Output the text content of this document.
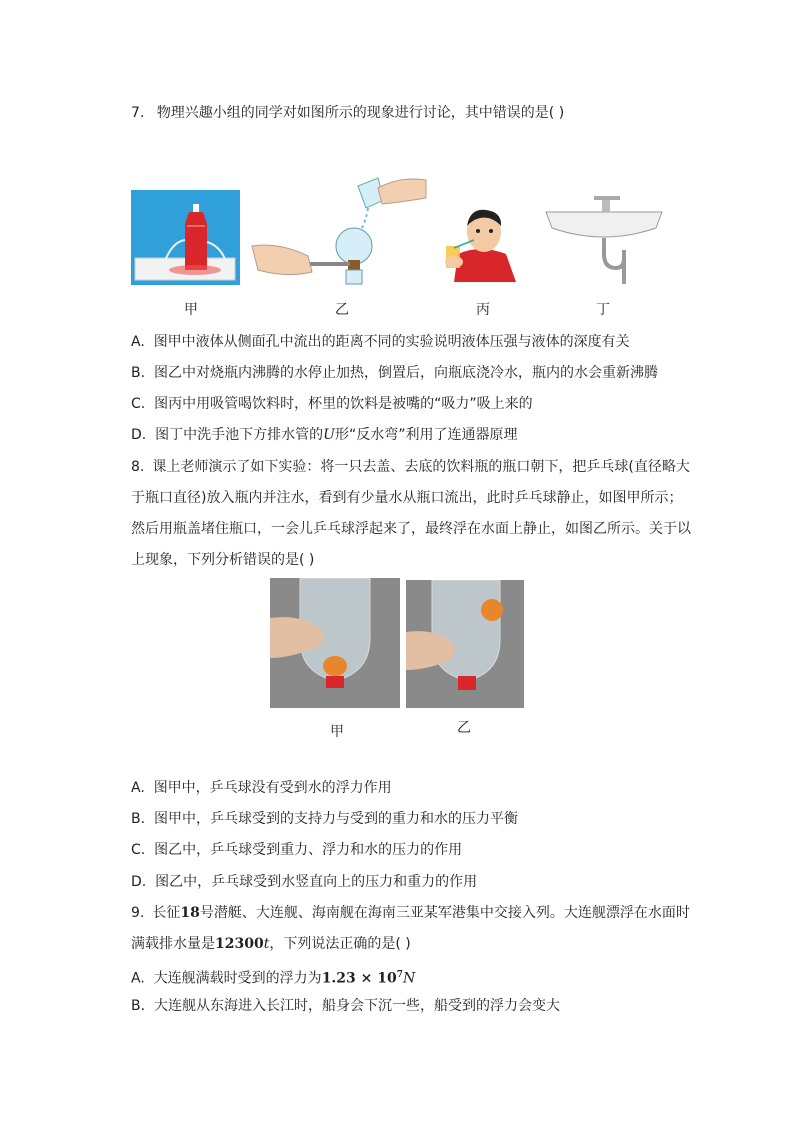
7. 物理兴趣小组的同学对如图所示的现象进行讨论，其中错误的是( )
甲	乙	丙	丁
A. 图甲中液体从侧面孔中流出的距离不同的实验说明液体压强与液体的深度有关
B. 图乙中对烧瓶内沸腾的水停止加热，倒置后，向瓶底浇冷水，瓶内的水会重新沸腾
C. 图丙中用吸管喝饮料时，杯里的饮料是被嘴的“吸力”吸上来的
D. 图丁中洗手池下方排水管的U形“反水弯”利用了连通器原理
8. 课上老师演示了如下实验：将一只去盖、去底的饮料瓶的瓶口朝下，把乒乓球(直径略大于瓶口直径)放入瓶内并注水，看到有少量水从瓶口流出，此时乒乓球静止，如图甲所示；然后用瓶盖堵住瓶口，一会儿乒乓球浮起来了，最终浮在水面上静止，如图乙所示。关于以上现象，下列分析错误的是( )
甲	乙
A. 图甲中，乒乓球没有受到水的浮力作用
B. 图甲中，乒乓球受到的支持力与受到的重力和水的压力平衡
C. 图乙中，乒乓球受到重力、浮力和水的压力的作用
D. 图乙中，乒乓球受到水竖直向上的压力和重力的作用
9. 长征18号潜艇、大连舰、海南舰在海南三亚某军港集中交接入列。大连舰漂浮在水面时满载排水量是12300t，下列说法正确的是( )
A. 大连舰满载时受到的浮力为$1.23 \times 10^7N$
B. 大连舰从东海进入长江时，船身会下沉一些，船受到的浮力会变大
